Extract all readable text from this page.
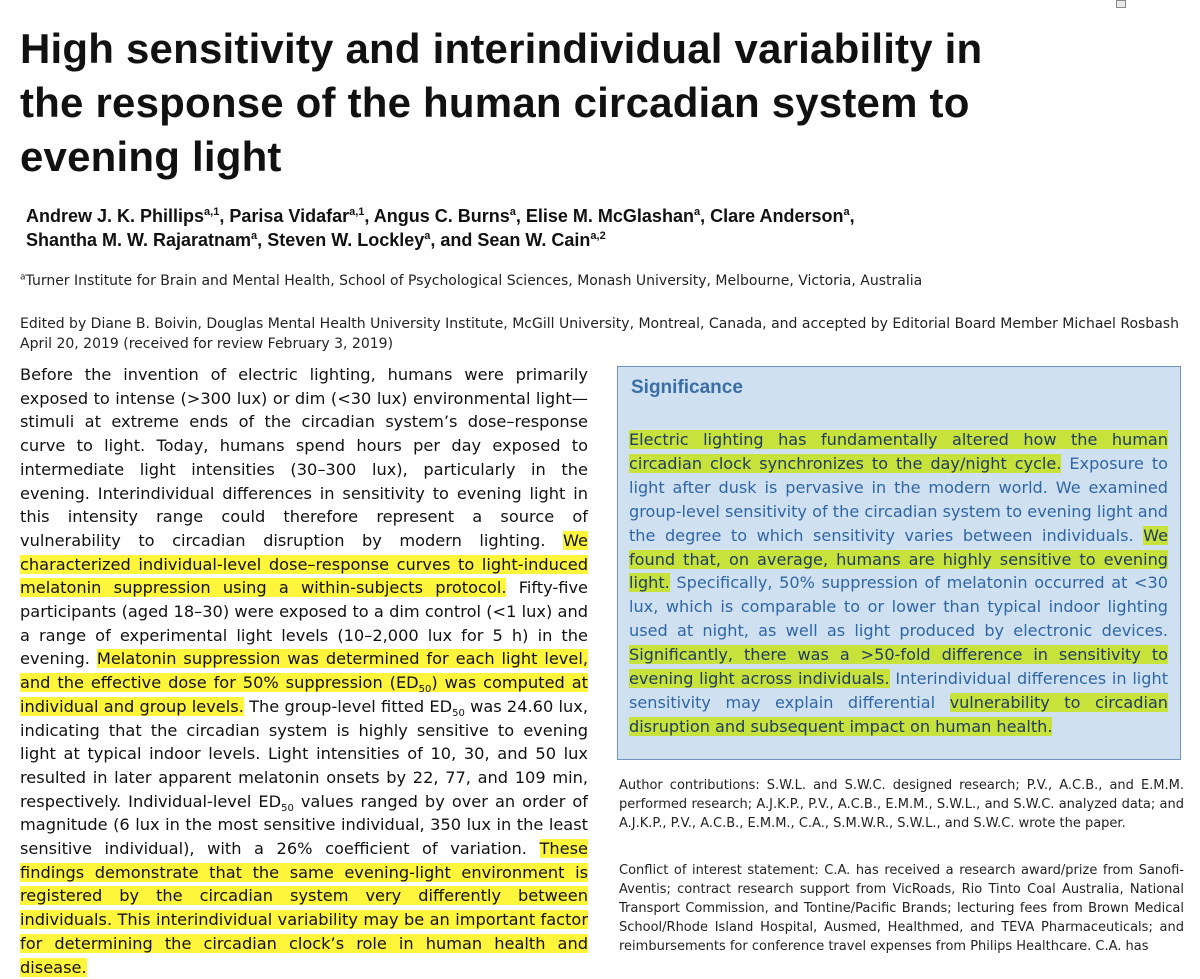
High sensitivity and interindividual variability in the response of the human circadian system to evening light
Andrew J. K. Phillips$^{a,1}$, Parisa Vidafar$^{a,1}$, Angus C. Burns$^a$, Elise M. McGlashan$^a$, Clare Anderson$^a$,
Shantha M. W. Rajaratnam$^a$, Steven W. Lockley$^a$, and Sean W. Cain$^{a,2}$
$^a$Turner Institute for Brain and Mental Health, School of Psychological Sciences, Monash University, Melbourne, Victoria, Australia
Edited by Diane B. Boivin, Douglas Mental Health University Institute, McGill University, Montreal, Canada, and accepted by Editorial Board Member Michael Rosbash April 20, 2019 (received for review February 3, 2019)

Before the invention of electric lighting, humans were primarily exposed to intense (>300 lux) or dim (<30 lux) environmental light—stimuli at extreme ends of the circadian system’s dose–response curve to light. Today, humans spend hours per day exposed to intermediate light intensities (30–300 lux), particularly in the evening. Interindividual differences in sensitivity to evening light in this intensity range could therefore represent a source of vulnerability to circadian disruption by modern lighting. We characterized individual-level dose–response curves to light-induced melatonin suppression using a within-subjects protocol. Fifty-five participants (aged 18–30) were exposed to a dim control (<1 lux) and a range of experimental light levels (10–2,000 lux for 5 h) in the evening. Melatonin suppression was determined for each light level, and the effective dose for 50% suppression $(ED_{50})$ was computed at individual and group levels. The group-level fitted $ED_{50}$ was 24.60 lux, indicating that the circadian system is highly sensitive to evening light at typical indoor levels. Light intensities of 10, 30, and 50 lux resulted in later apparent melatonin onsets by 22, 77, and 109 min, respectively. Individual-level $ED_{50}$ values ranged by over an order of magnitude (6 lux in the most sensitive individual, 350 lux in the least sensitive individual), with a 26% coefficient of variation. These findings demonstrate that the same evening-light environment is registered by the circadian system very differently between individuals. This interindividual variability may be an important factor for determining the circadian clock’s role in human health and disease.

Significance

Electric lighting has fundamentally altered how the human circadian clock synchronizes to the day/night cycle. Exposure to light after dusk is pervasive in the modern world. We examined group-level sensitivity of the circadian system to evening light and the degree to which sensitivity varies between individuals. We found that, on average, humans are highly sensitive to evening light. Specifically, 50% suppression of melatonin occurred at <30 lux, which is comparable to or lower than typical indoor lighting used at night, as well as light produced by electronic devices. Significantly, there was a >50-fold difference in sensitivity to evening light across individuals. Interindividual differences in light sensitivity may explain differential vulnerability to circadian disruption and subsequent impact on human health.

Author contributions: S.W.L. and S.W.C. designed research; P.V., A.C.B., and E.M.M. performed research; A.J.K.P., P.V., A.C.B., E.M.M., S.W.L., and S.W.C. analyzed data; and A.J.K.P., P.V., A.C.B., E.M.M., C.A., S.M.W.R., S.W.L., and S.W.C. wrote the paper.

Conflict of interest statement: C.A. has received a research award/prize from Sanofi-Aventis; contract research support from VicRoads, Rio Tinto Coal Australia, National Transport Commission, and Tontine/Pacific Brands; lecturing fees from Brown Medical School/Rhode Island Hospital, Ausmed, Healthmed, and TEVA Pharmaceuticals; and reimbursements for conference travel expenses from Philips Healthcare. C.A. has
